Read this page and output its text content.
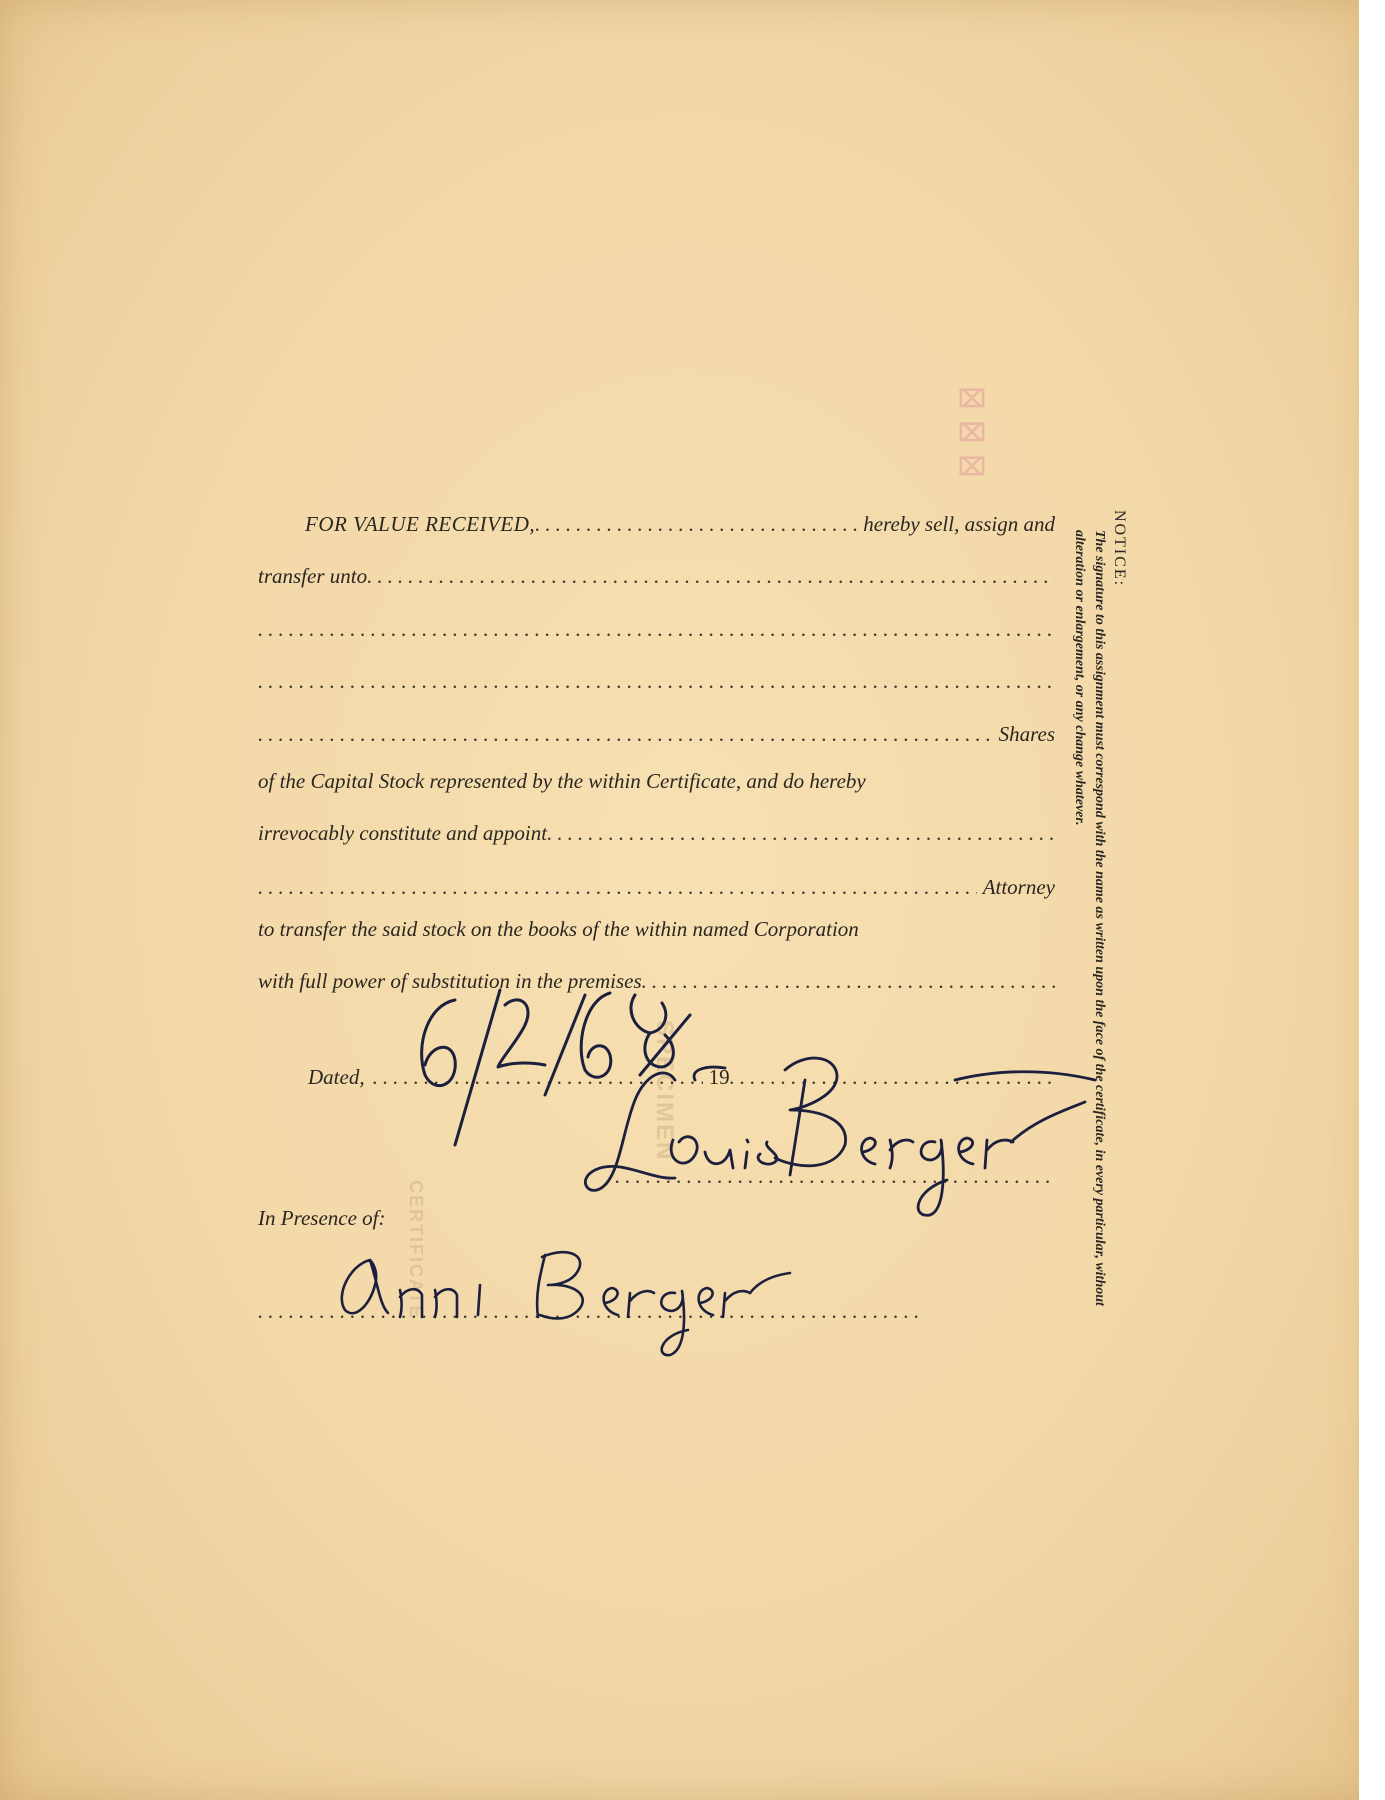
SPECIMEN
CERTIFICATE
⌧ ⌧ ⌧
FOR VALUE RECEIVED, .....	hereby sell, assign and
transfer unto
.....
.....
.....
.....
Shares
of the Capital Stock represented by the within Certificate, and do hereby
irrevocably constitute and appoint
.....
.....
Attorney
to transfer the said stock on the books of the within named Corporation
with full power of substitution in the premises
.....
Dated, .....	19
.....
.....
In Presence of:
.....
NOTICE: The signature to this assignment must correspond with the name as written upon the face of the certificate, in every particular, without alteration or enlargement, or any change whatever.
